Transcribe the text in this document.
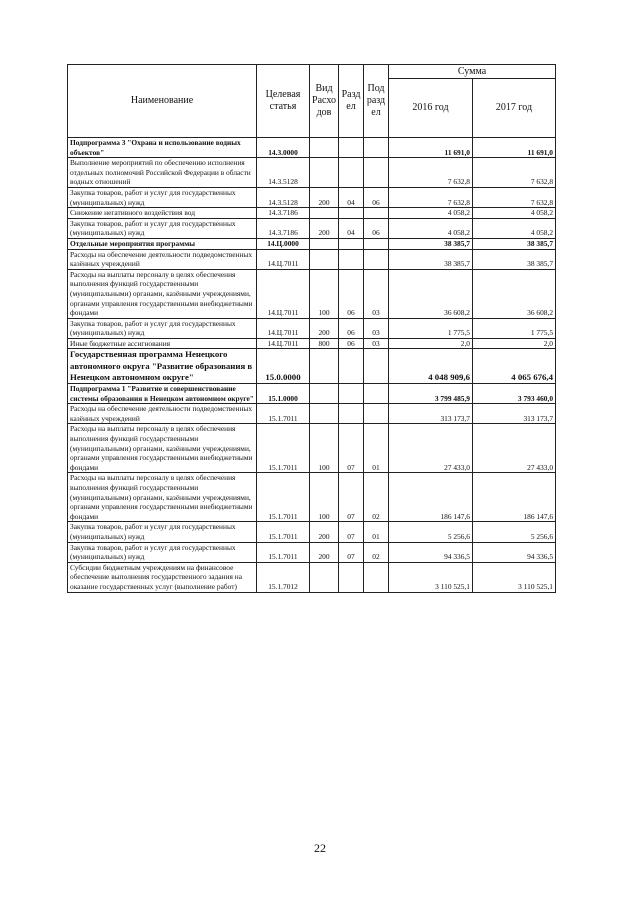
Наименование	Целевая статья	Вид Расхо дов	Разд ел	Под разд ел	Сумма	
					2016 год	2017 год
Подпрограмма 3 "Охрана и использование водных объектов"	14.3.0000				11 691,0	11 691,0
Выполнение мероприятий по обеспечению исполнения отдельных полномочий Российской Федерации в области водных отношений	14.3.5128				7 632,8	7 632,8
Закупка товаров, работ и услуг для государственных (муниципальных) нужд	14.3.5128	200	04	06	7 632,8	7 632,8
Снижение негативного воздействия вод	14.3.7186				4 058,2	4 058,2
Закупка товаров, работ и услуг для государственных (муниципальных) нужд	14.3.7186	200	04	06	4 058,2	4 058,2
Отдельные мероприятия программы	14.Ц.0000				38 385,7	38 385,7
Расходы на обеспечение деятельности подведомственных казённых учреждений	14.Ц.7011				38 385,7	38 385,7
Расходы на выплаты персоналу в целях обеспечения выполнения функций государственными (муниципальными) органами, казёнными учреждениями, органами управления государственными внебюджетными фондами	14.Ц.7011	100	06	03	36 608,2	36 608,2
Закупка товаров, работ и услуг для государственных (муниципальных) нужд	14.Ц.7011	200	06	03	1 775,5	1 775,5
Иные бюджетные ассигнования	14.Ц.7011	800	06	03	2,0	2,0
Государственная программа Ненецкого автономного округа "Развитие образования в Ненецком автономном округе"	15.0.0000				4 048 909,6	4 065 676,4
Подпрограмма 1 "Развитие и совершенствование системы образования в Ненецком автономном округе"	15.1.0000				3 799 485,9	3 793 460,0
Расходы на обеспечение деятельности подведомственных казённых учреждений	15.1.7011				313 173,7	313 173,7
Расходы на выплаты персоналу в целях обеспечения выполнения функций государственными (муниципальными) органами, казёнными учреждениями, органами управления государственными внебюджетными фондами	15.1.7011	100	07	01	27 433,0	27 433,0
Расходы на выплаты персоналу в целях обеспечения выполнения функций государственными (муниципальными) органами, казёнными учреждениями, органами управления государственными внебюджетными фондами	15.1.7011	100	07	02	186 147,6	186 147,6
Закупка товаров, работ и услуг для государственных (муниципальных) нужд	15.1.7011	200	07	01	5 256,6	5 256,6
Закупка товаров, работ и услуг для государственных (муниципальных) нужд	15.1.7011	200	07	02	94 336,5	94 336,5
Субсидии бюджетным учреждениям на финансовое обеспечение выполнения государственного задания на оказание государственных услуг (выполнение работ)	15.1.7012				3 110 525,1	3 110 525,1
22
